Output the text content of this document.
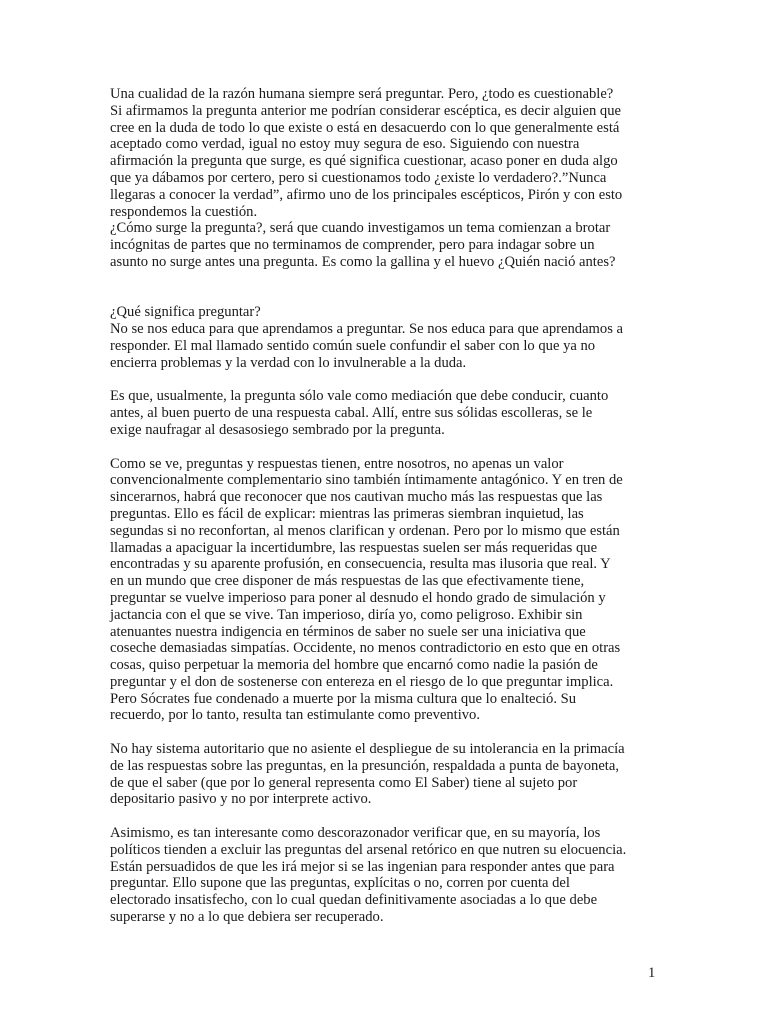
Una cualidad de la razón humana siempre será preguntar. Pero, ¿todo es cuestionable?
Si afirmamos la pregunta anterior me podrían considerar escéptica, es decir alguien que
cree en la duda de todo lo que existe o está en desacuerdo con lo que generalmente está
aceptado como verdad, igual no estoy muy segura de eso. Siguiendo con nuestra
afirmación la pregunta que surge, es qué significa cuestionar, acaso poner en duda algo
que ya dábamos por certero, pero si cuestionamos todo ¿existe lo verdadero?.”Nunca
llegaras a conocer la verdad”, afirmo uno de los principales escépticos, Pirón y con esto
respondemos la cuestión.

¿Cómo surge la pregunta?, será que cuando investigamos un tema comienzan a brotar
incógnitas de partes que no terminamos de comprender, pero para indagar sobre un
asunto no surge antes una pregunta. Es como la gallina y el huevo ¿Quién nació antes?

¿Qué significa preguntar?

No se nos educa para que aprendamos a preguntar. Se nos educa para que aprendamos a
responder. El mal llamado sentido común suele confundir el saber con lo que ya no
encierra problemas y la verdad con lo invulnerable a la duda.

Es que, usualmente, la pregunta sólo vale como mediación que debe conducir, cuanto
antes, al buen puerto de una respuesta cabal. Allí, entre sus sólidas escolleras, se le
exige naufragar al desasosiego sembrado por la pregunta.

Como se ve, preguntas y respuestas tienen, entre nosotros, no apenas un valor
convencionalmente complementario sino también íntimamente antagónico. Y en tren de
sincerarnos, habrá que reconocer que nos cautivan mucho más las respuestas que las
preguntas. Ello es fácil de explicar: mientras las primeras siembran inquietud, las
segundas si no reconfortan, al menos clarifican y ordenan. Pero por lo mismo que están
llamadas a apaciguar la incertidumbre, las respuestas suelen ser más requeridas que
encontradas y su aparente profusión, en consecuencia, resulta mas ilusoria que real. Y
en un mundo que cree disponer de más respuestas de las que efectivamente tiene,
preguntar se vuelve imperioso para poner al desnudo el hondo grado de simulación y
jactancia con el que se vive. Tan imperioso, diría yo, como peligroso. Exhibir sin
atenuantes nuestra indigencia en términos de saber no suele ser una iniciativa que
coseche demasiadas simpatías. Occidente, no menos contradictorio en esto que en otras
cosas, quiso perpetuar la memoria del hombre que encarnó como nadie la pasión de
preguntar y el don de sostenerse con entereza en el riesgo de lo que preguntar implica.
Pero Sócrates fue condenado a muerte por la misma cultura que lo enalteció. Su
recuerdo, por lo tanto, resulta tan estimulante como preventivo.

No hay sistema autoritario que no asiente el despliegue de su intolerancia en la primacía
de las respuestas sobre las preguntas, en la presunción, respaldada a punta de bayoneta,
de que el saber (que por lo general representa como El Saber) tiene al sujeto por
depositario pasivo y no por interprete activo.

Asimismo, es tan interesante como descorazonador verificar que, en su mayoría, los
políticos tienden a excluir las preguntas del arsenal retórico en que nutren su elocuencia.
Están persuadidos de que les irá mejor si se las ingenian para responder antes que para
preguntar. Ello supone que las preguntas, explícitas o no, corren por cuenta del
electorado insatisfecho, con lo cual quedan definitivamente asociadas a lo que debe
superarse y no a lo que debiera ser recuperado.

1
